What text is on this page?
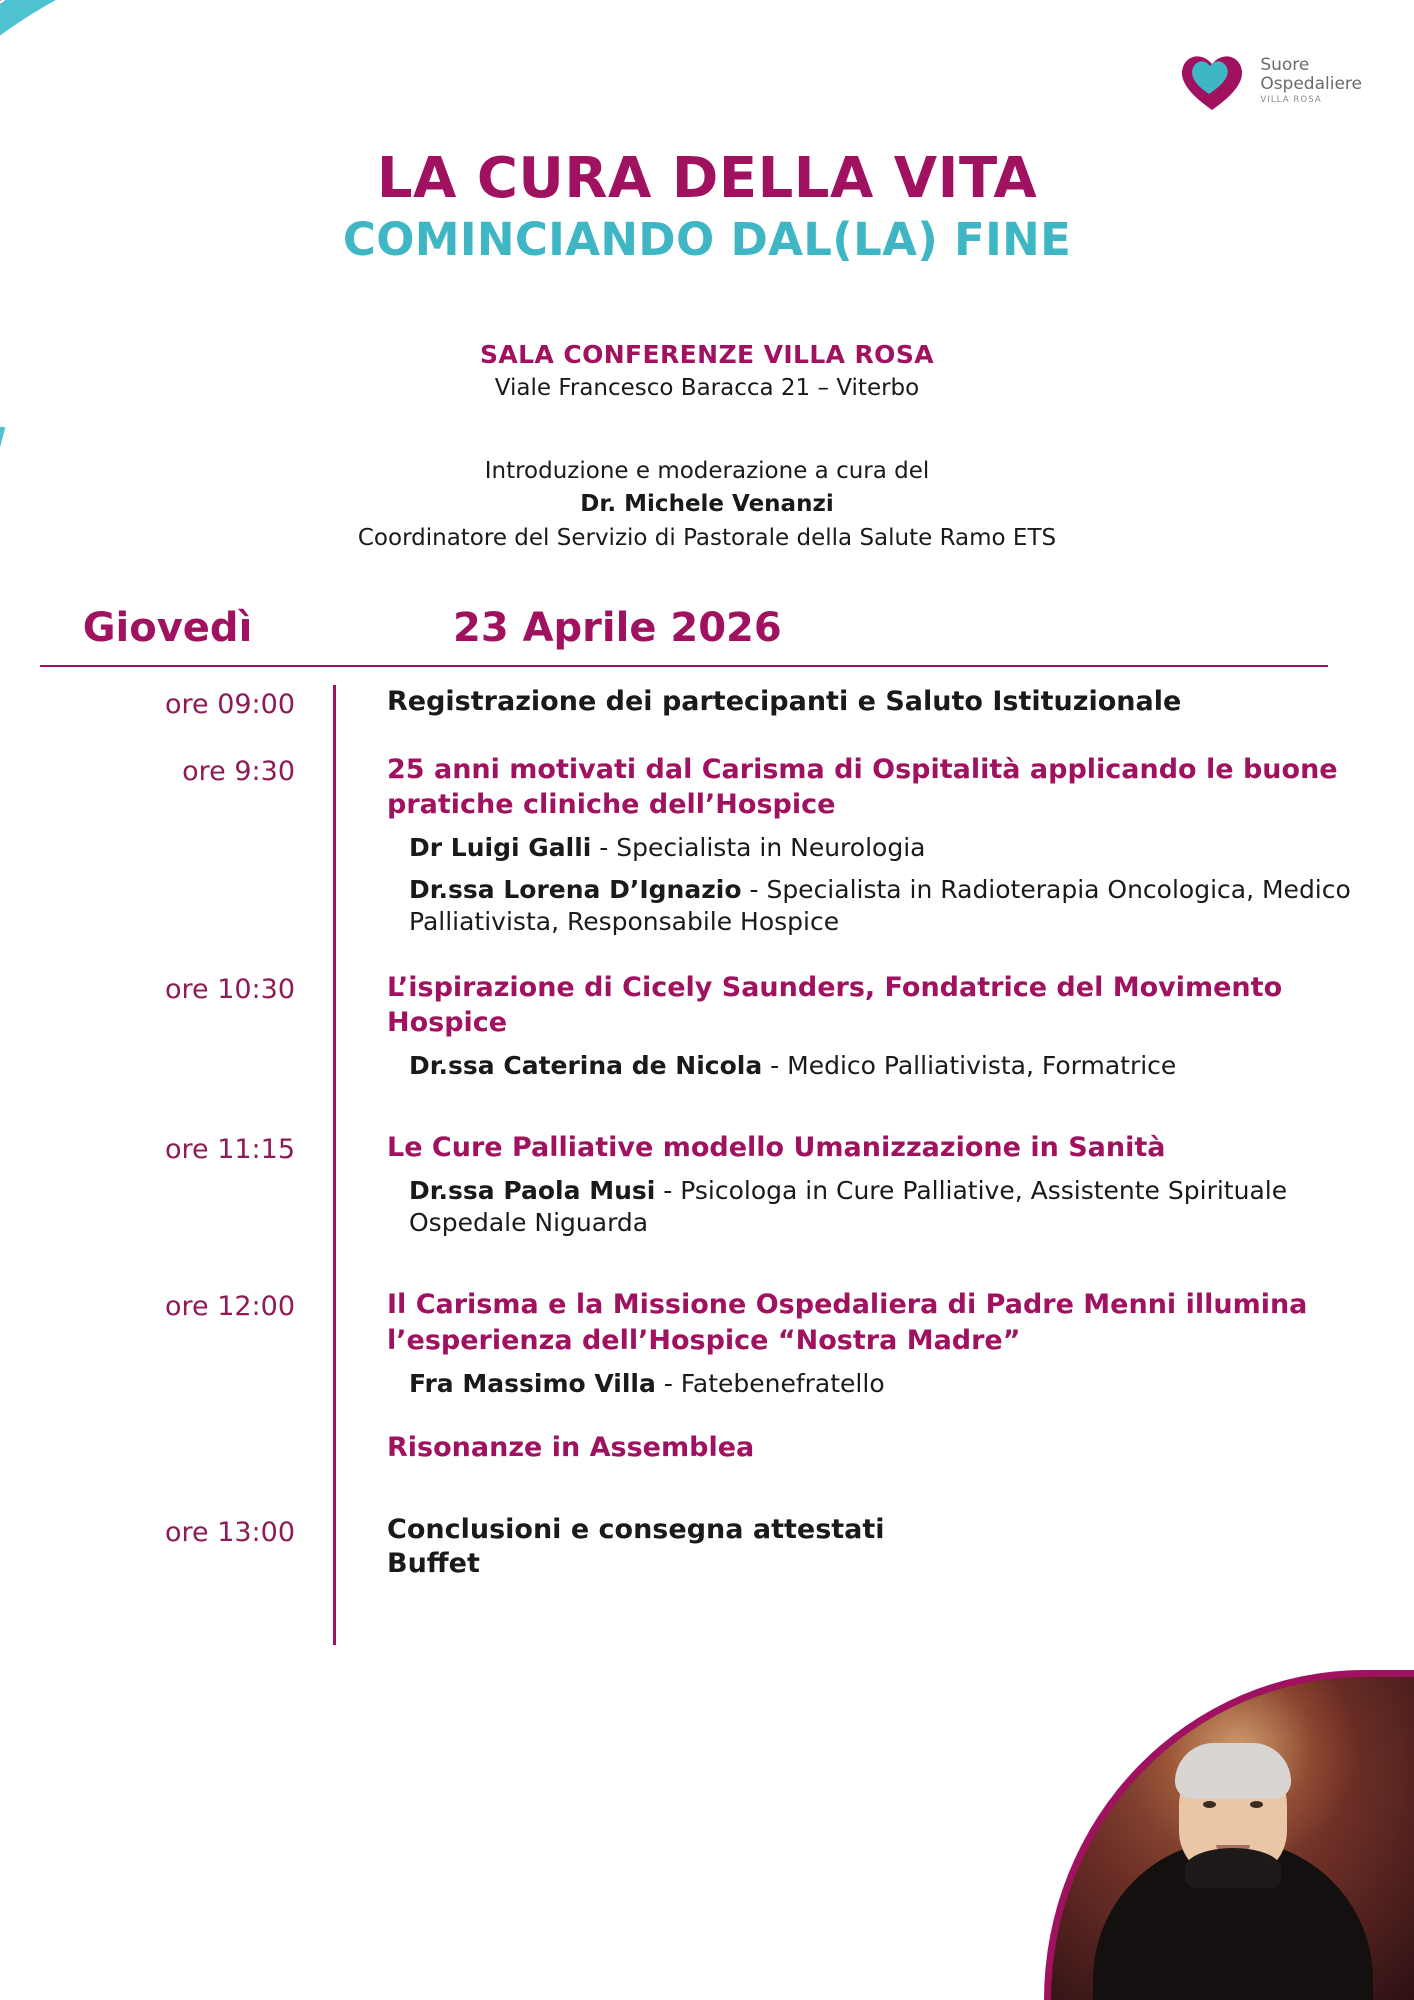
Suore
Ospedaliere
VILLA ROSA
LA CURA DELLA VITA
COMINCIANDO DAL(LA) FINE
SALA CONFERENZE VILLA ROSA
Viale Francesco Baracca 21 – Viterbo
Introduzione e moderazione a cura del
Dr. Michele Venanzi
Coordinatore del Servizio di Pastorale della Salute Ramo ETS
Giovedì	23 Aprile 2026
ore 09:00	Registrazione dei partecipanti e Saluto Istituzionale
ore 9:30	25 anni motivati dal Carisma di Ospitalità applicando le buone pratiche cliniche dell’Hospice
Dr Luigi Galli - Specialista in Neurologia
Dr.ssa Lorena D’Ignazio - Specialista in Radioterapia Oncologica, Medico Palliativista, Responsabile Hospice
ore 10:30	L’ispirazione di Cicely Saunders, Fondatrice del Movimento Hospice
Dr.ssa Caterina de Nicola - Medico Palliativista, Formatrice
ore 11:15	Le Cure Palliative modello Umanizzazione in Sanità
Dr.ssa Paola Musi - Psicologa in Cure Palliative, Assistente Spirituale Ospedale Niguarda
ore 12:00	Il Carisma e la Missione Ospedaliera di Padre Menni illumina l’esperienza dell’Hospice “Nostra Madre”
Fra Massimo Villa - Fatebenefratello
Risonanze in Assemblea
ore 13:00	Conclusioni e consegna attestati
Buffet
